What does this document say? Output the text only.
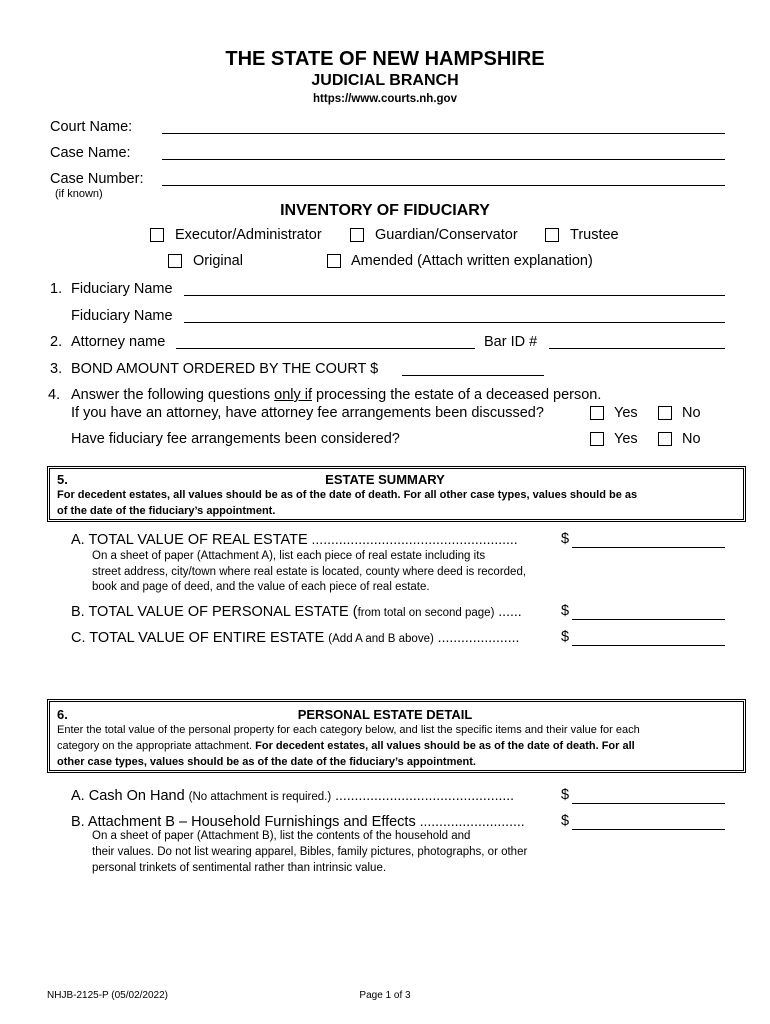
THE STATE OF NEW HAMPSHIRE
JUDICIAL BRANCH
https://www.courts.nh.gov
Court Name:
Case Name:
Case Number:
(if known)
INVENTORY OF FIDUCIARY
Executor/Administrator	Guardian/Conservator	Trustee
Original	Amended (Attach written explanation)
1. Fiduciary Name
Fiduciary Name
2. Attorney name	Bar ID #
3. BOND AMOUNT ORDERED BY THE COURT $
4. Answer the following questions only if processing the estate of a deceased person.
If you have an attorney, have attorney fee arrangements been discussed?	Yes	No
Have fiduciary fee arrangements been considered?	Yes	No
5.	ESTATE SUMMARY
For decedent estates, all values should be as of the date of death. For all other case types, values should be as
of the date of the fiduciary’s appointment.
A. TOTAL VALUE OF REAL ESTATE .....................................................	$
On a sheet of paper (Attachment A), list each piece of real estate including its
street address, city/town where real estate is located, county where deed is recorded,
book and page of deed, and the value of each piece of real estate.
B. TOTAL VALUE OF PERSONAL ESTATE (from total on second page) ......	$
C. TOTAL VALUE OF ENTIRE ESTATE (Add A and B above) .....................	$
6.	PERSONAL ESTATE DETAIL
Enter the total value of the personal property for each category below, and list the specific items and their value for each
category on the appropriate attachment. For decedent estates, all values should be as of the date of death. For all
other case types, values should be as of the date of the fiduciary’s appointment.
A. Cash On Hand (No attachment is required.) ..............................................	$
B. Attachment B – Household Furnishings and Effects ...........................	$
On a sheet of paper (Attachment B), list the contents of the household and
their values. Do not list wearing apparel, Bibles, family pictures, photographs, or other
personal trinkets of sentimental rather than intrinsic value.
NHJB-2125-P (05/02/2022)	Page 1 of 3
